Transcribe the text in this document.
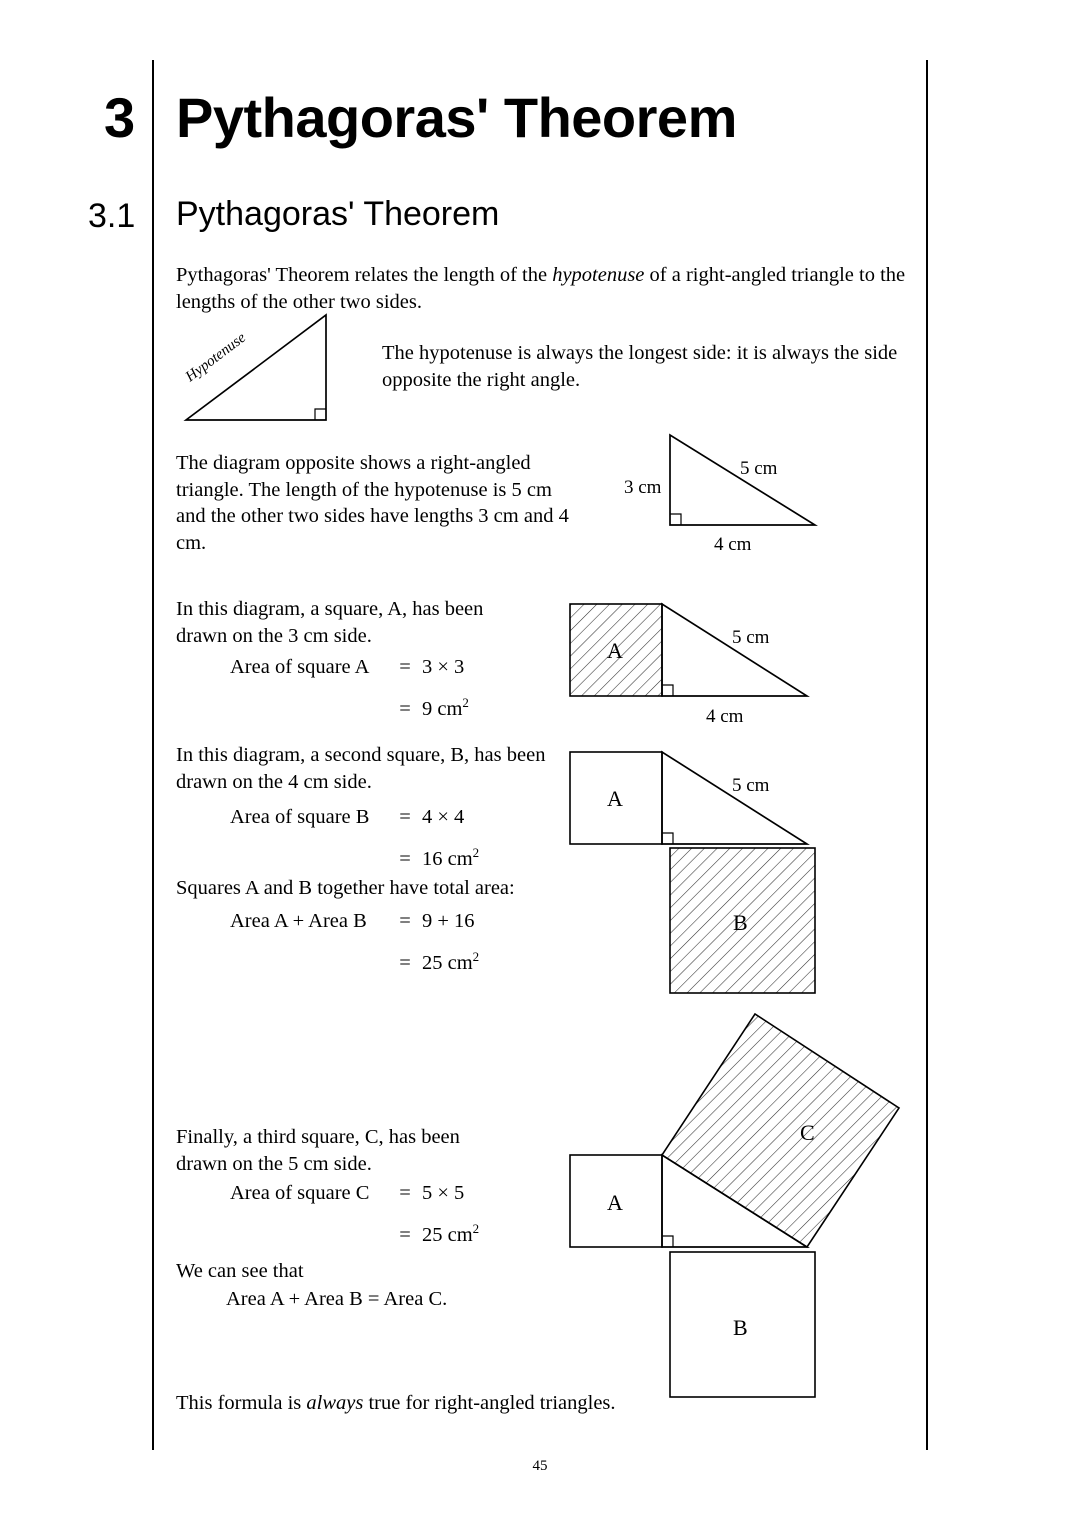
3 Pythagoras' Theorem
3.1 Pythagoras' Theorem
Pythagoras' Theorem relates the length of the hypotenuse of a right-angled triangle to the lengths of the other two sides.
Hypotenuse	The hypotenuse is always the longest side: it is always the side opposite the right angle.
The diagram opposite shows a right-angled triangle. The length of the hypotenuse is 5 cm and the other two sides have lengths 3 cm and 4 cm.
3 cm
4 cm
5 cm
In this diagram, a square, A, has been drawn on the 3 cm side.
Area of square A = 3 × 3
= 9 $cm^2$
A
5 cm
4 cm
In this diagram, a second square, B, has been drawn on the 4 cm side.
Area of square B = 4 × 4
= 16 $cm^2$
Squares A and B together have total area:
Area A + Area B = 9 + 16
= 25 $cm^2$
A
B
5 cm
Finally, a third square, C, has been drawn on the 5 cm side.
Area of square C = 5 × 5
= 25 $cm^2$
We can see that
Area A + Area B = Area C.
A
B
C
This formula is always true for right-angled triangles.
45
